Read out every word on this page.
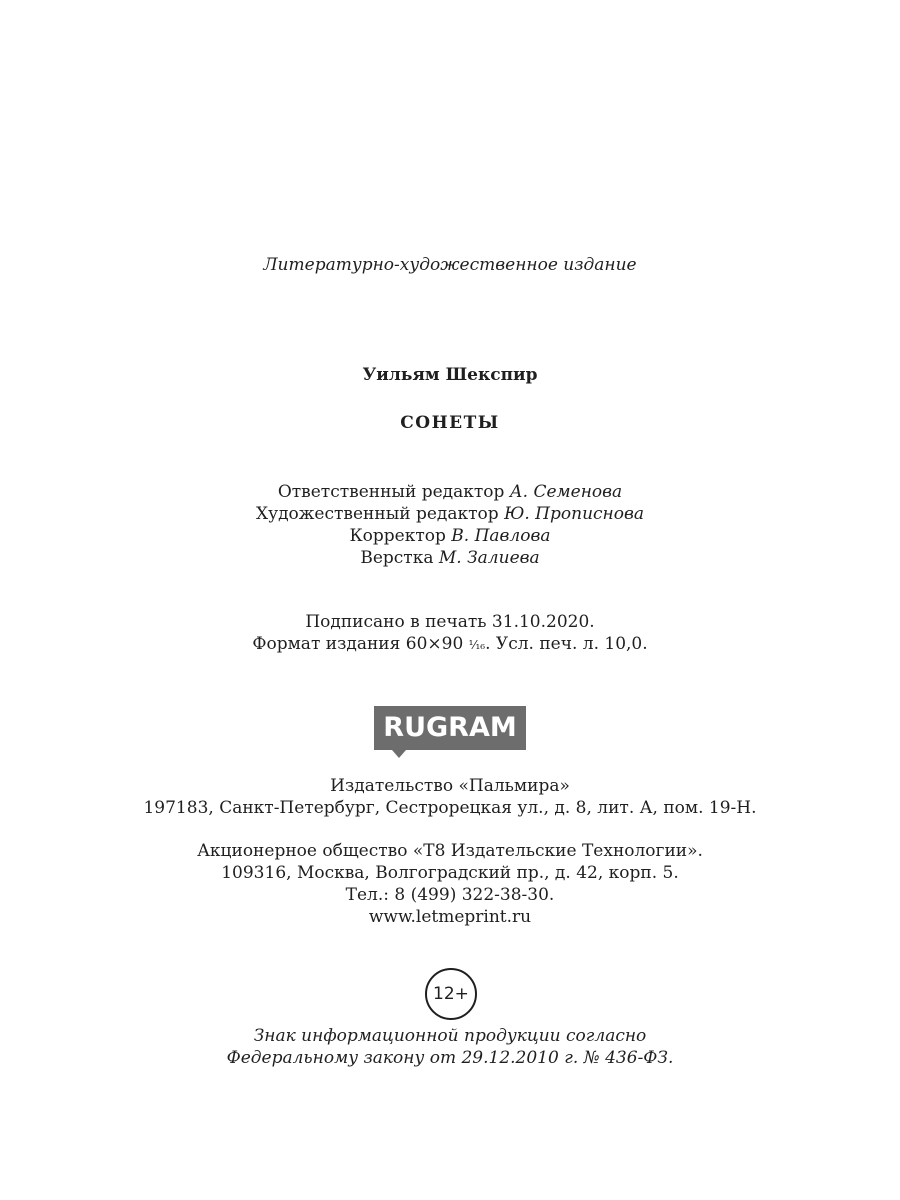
Литературно-художественное издание
Уильям Шекспир
СОНЕТЫ
Ответственный редактор А. Семенова
Художественный редактор Ю. Прописнова
Корректор В. Павлова
Верстка М. Залиева
Подписано в печать 31.10.2020.
Формат издания 60×90 ¹⁄₁₆. Усл. печ. л. 10,0.
RUGRAM
Издательство «Пальмира»
197183, Санкт-Петербург, Сестрорецкая ул., д. 8, лит. А, пом. 19-Н.
Акционерное общество «Т8 Издательские Технологии».
109316, Москва, Волгоградский пр., д. 42, корп. 5.
Тел.: 8 (499) 322-38-30.
www.letmeprint.ru
12+
Знак информационной продукции согласно
Федеральному закону от 29.12.2010 г. № 436-ФЗ.
